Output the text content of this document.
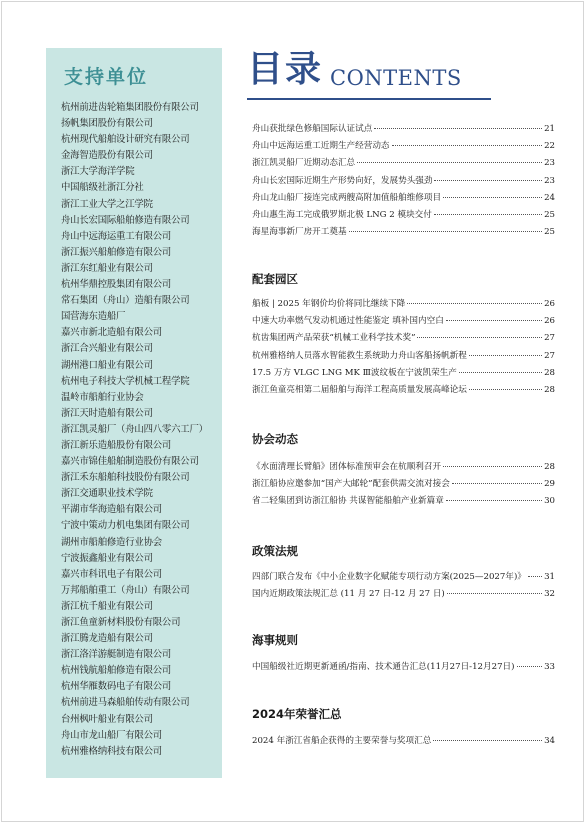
支持单位
杭州前进齿轮箱集团股份有限公司
扬帆集团股份有限公司
杭州现代船舶设计研究有限公司
金海智造股份有限公司
浙江大学海洋学院
中国船级社浙江分社
浙江工业大学之江学院
舟山长宏国际船舶修造有限公司
舟山中远海运重工有限公司
浙江振兴船舶修造有限公司
浙江东红船业有限公司
杭州华鼎控股集团有限公司
常石集团（舟山）造船有限公司
国营海东造船厂
嘉兴市新北造船有限公司
浙江合兴船业有限公司
湖州港口船业有限公司
杭州电子科技大学机械工程学院
温岭市船舶行业协会
浙江天时造船有限公司
浙江凯灵船厂（舟山四八零六工厂）
浙江新乐造船股份有限公司
嘉兴市锦佳船舶制造股份有限公司
浙江禾东船舶科技股份有限公司
浙江交通职业技术学院
平湖市华海造船有限公司
宁波中策动力机电集团有限公司
湖州市船舶修造行业协会
宁波振鑫船业有限公司
嘉兴市科讯电子有限公司
万邦船舶重工（舟山）有限公司
浙江杭千船业有限公司
浙江鱼童新材料股份有限公司
浙江腾龙造船有限公司
浙江洛洋游艇制造有限公司
杭州钱航船舶修造有限公司
杭州华雁数码电子有限公司
杭州前进马森船舶传动有限公司
台州枫叶船业有限公司
舟山市龙山船厂有限公司
杭州雅格纳科技有限公司
目录 CONTENTS
舟山获批绿色修船国际认证试点	21
舟山中远海运重工近期生产经营动态	22
浙江凯灵船厂近期动态汇总	23
舟山长宏国际近期生产形势向好，发展势头强劲	23
舟山龙山船厂接连完成两艘高附加值船舶维修项目	24
舟山惠生海工完成俄罗斯北极 LNG 2 模块交付	25
海星海事新厂房开工奠基	25
配套园区
船板 | 2025 年钢价均价将同比继续下降	26
中速大功率燃气发动机通过性能鉴定 填补国内空白	26
杭齿集团两产品荣获“机械工业科学技术奖”	27
杭州雅格纳人员落水智能救生系统助力舟山客船扬帆新程	27
17.5 万方 VLGC LNG MK Ⅲ波纹板在宁波凯荣生产	28
浙江鱼童亮相第二届船舶与海洋工程高质量发展高峰论坛	28
协会动态
《水面清理长臂船》团体标准预审会在杭顺利召开	28
浙江船协应邀参加“国产大邮轮”配套供需交流对接会	29
省二轻集团到访浙江船协 共谋智能船舶产业新篇章	30
政策法规
四部门联合发布《中小企业数字化赋能专项行动方案(2025—2027年)》 31
国内近期政策法规汇总 (11 月 27 日-12 月 27 日)	32
海事规则
中国船级社近期更新通函/指南、技术通告汇总(11月27日-12月27日)	33
2024年荣誉汇总
2024 年浙江省船企获得的主要荣誉与奖项汇总	34
